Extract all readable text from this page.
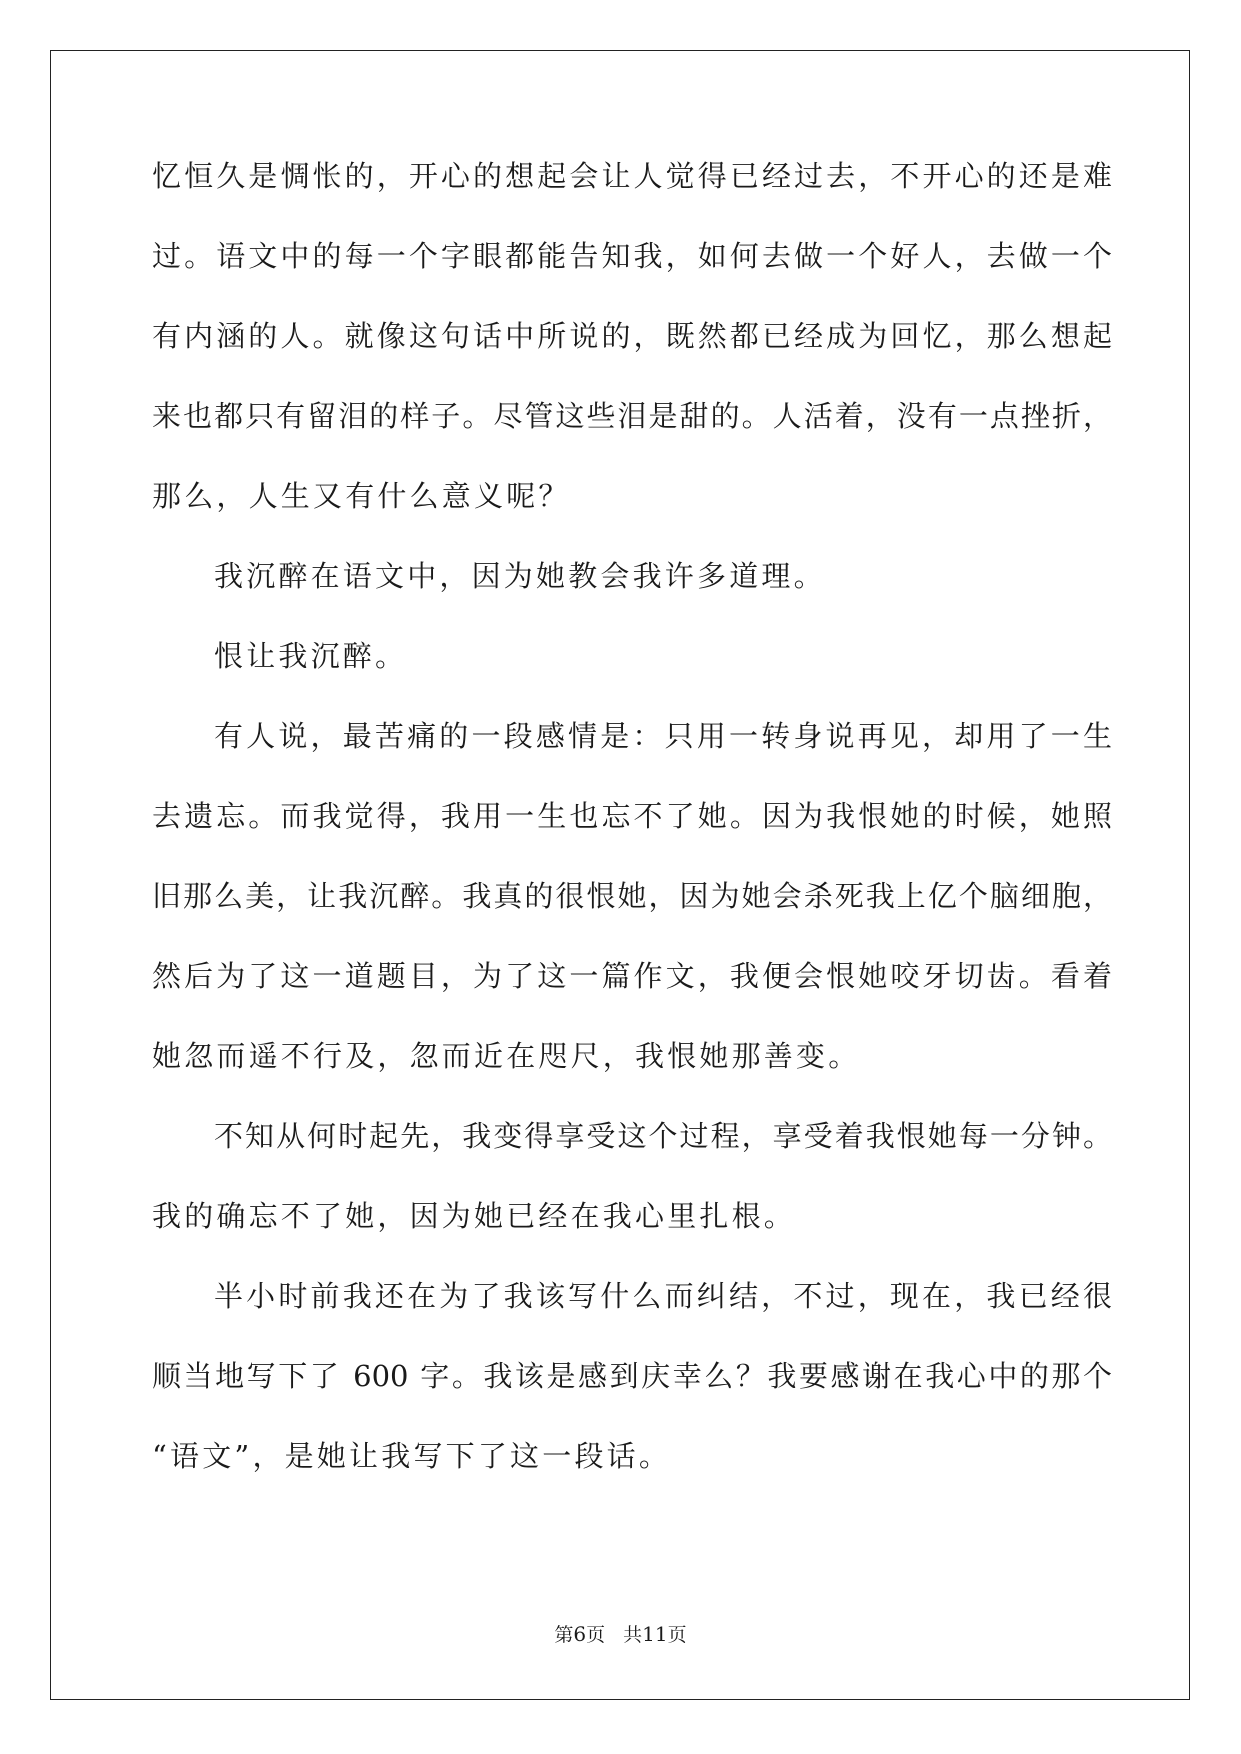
忆恒久是惆怅的，开心的想起会让人觉得已经过去，不开心的还是难
过。语文中的每一个字眼都能告知我，如何去做一个好人，去做一个
有内涵的人。就像这句话中所说的，既然都已经成为回忆，那么想起
来也都只有留泪的样子。尽管这些泪是甜的。人活着，没有一点挫折，
那么，人生又有什么意义呢？
我沉醉在语文中，因为她教会我许多道理。
恨让我沉醉。
有人说，最苦痛的一段感情是：只用一转身说再见，却用了一生
去遗忘。而我觉得，我用一生也忘不了她。因为我恨她的时候，她照
旧那么美，让我沉醉。我真的很恨她，因为她会杀死我上亿个脑细胞，
然后为了这一道题目，为了这一篇作文，我便会恨她咬牙切齿。看着
她忽而遥不行及，忽而近在咫尺，我恨她那善变。
不知从何时起先，我变得享受这个过程，享受着我恨她每一分钟。
我的确忘不了她，因为她已经在我心里扎根。
半小时前我还在为了我该写什么而纠结，不过，现在，我已经很
顺当地写下了 600 字。我该是感到庆幸么？我要感谢在我心中的那个
“语文”，是她让我写下了这一段话。
第6页 共11页
